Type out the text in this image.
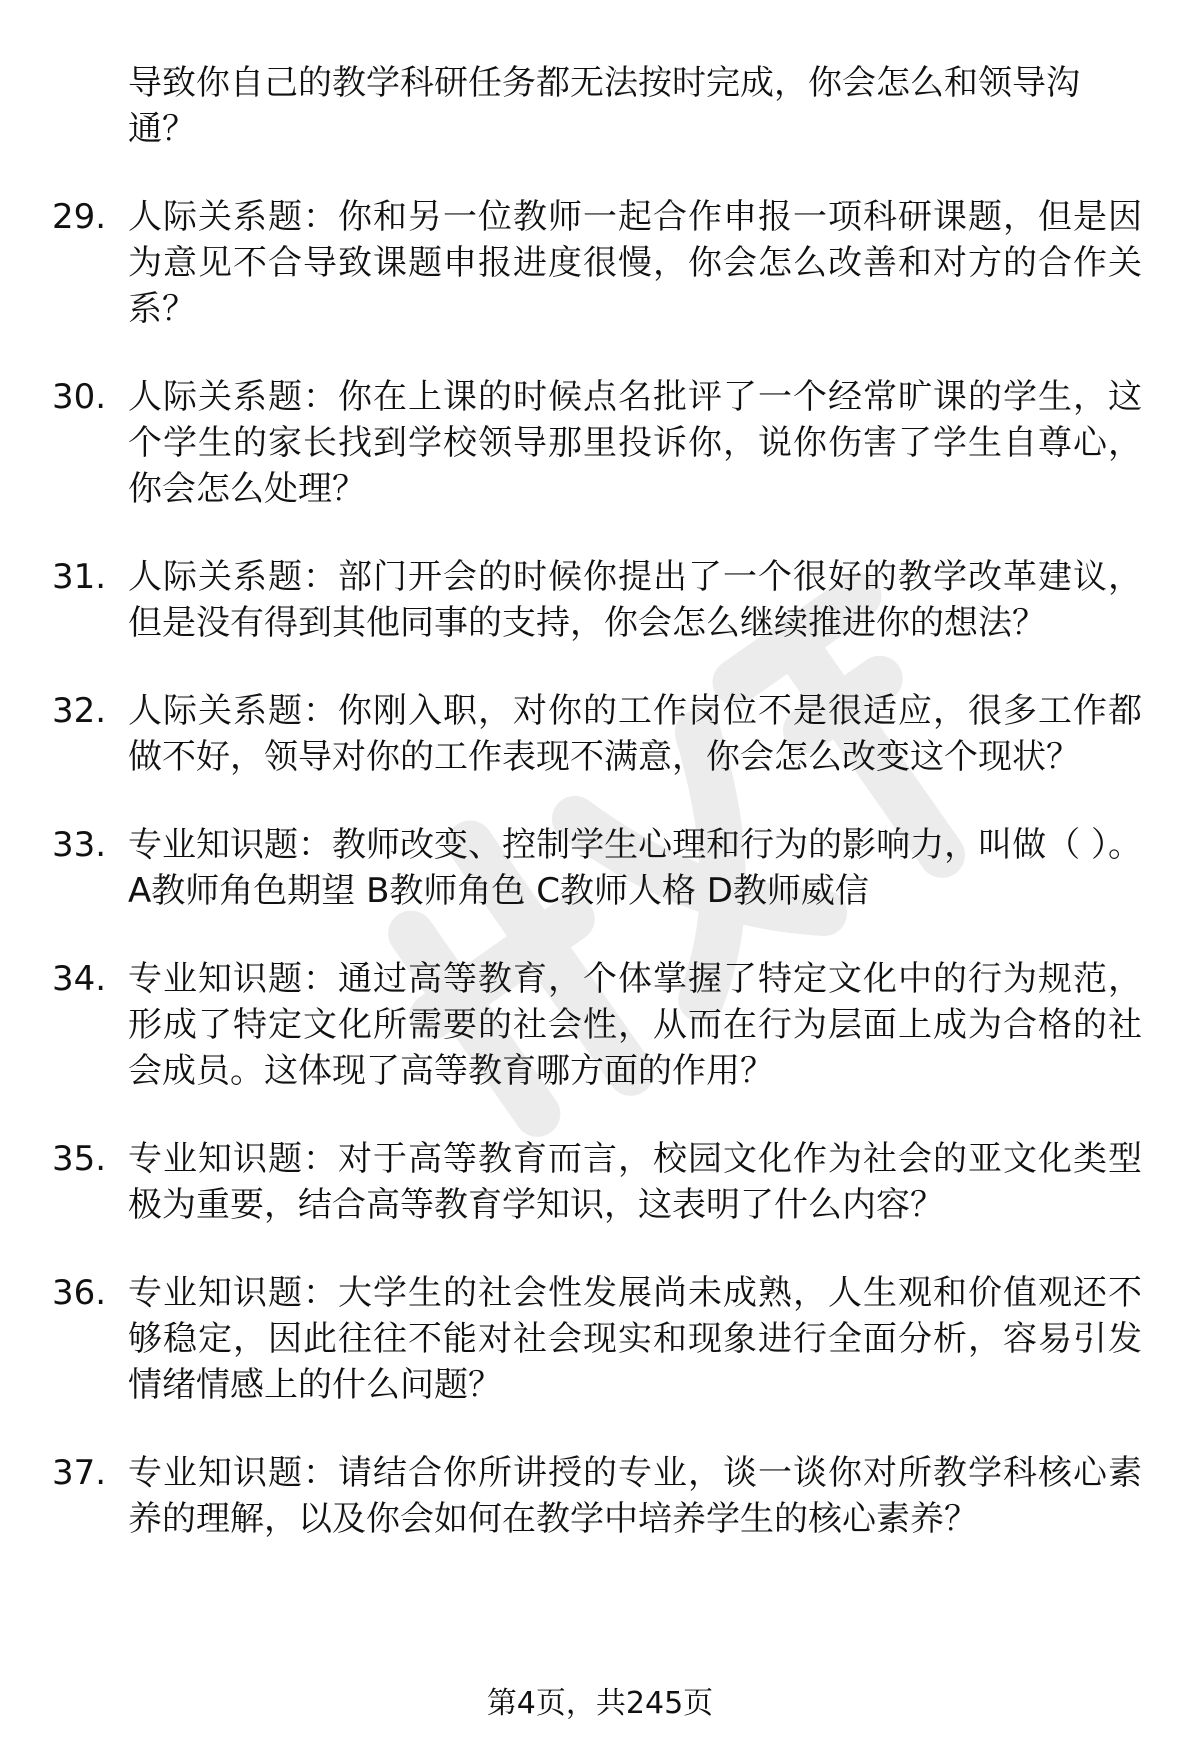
导致你自己的教学科研任务都无法按时完成，你会怎么和领导沟通？
29. 人际关系题：你和另一位教师一起合作申报一项科研课题，但是因为意见不合导致课题申报进度很慢，你会怎么改善和对方的合作关系？
30. 人际关系题：你在上课的时候点名批评了一个经常旷课的学生，这个学生的家长找到学校领导那里投诉你，说你伤害了学生自尊心，你会怎么处理？
31. 人际关系题：部门开会的时候你提出了一个很好的教学改革建议，但是没有得到其他同事的支持，你会怎么继续推进你的想法？
32. 人际关系题：你刚入职，对你的工作岗位不是很适应，很多工作都做不好，领导对你的工作表现不满意，你会怎么改变这个现状？
33. 专业知识题：教师改变、控制学生心理和行为的影响力，叫做（ ）。 A教师角色期望 B教师角色 C教师人格 D教师威信
34. 专业知识题：通过高等教育，个体掌握了特定文化中的行为规范，形成了特定文化所需要的社会性，从而在行为层面上成为合格的社会成员。这体现了高等教育哪方面的作用？
35. 专业知识题：对于高等教育而言，校园文化作为社会的亚文化类型极为重要，结合高等教育学知识，这表明了什么内容？
36. 专业知识题：大学生的社会性发展尚未成熟，人生观和价值观还不够稳定，因此往往不能对社会现实和现象进行全面分析，容易引发情绪情感上的什么问题？
37. 专业知识题：请结合你所讲授的专业，谈一谈你对所教学科核心素养的理解，以及你会如何在教学中培养学生的核心素养？
第4页，共245页
